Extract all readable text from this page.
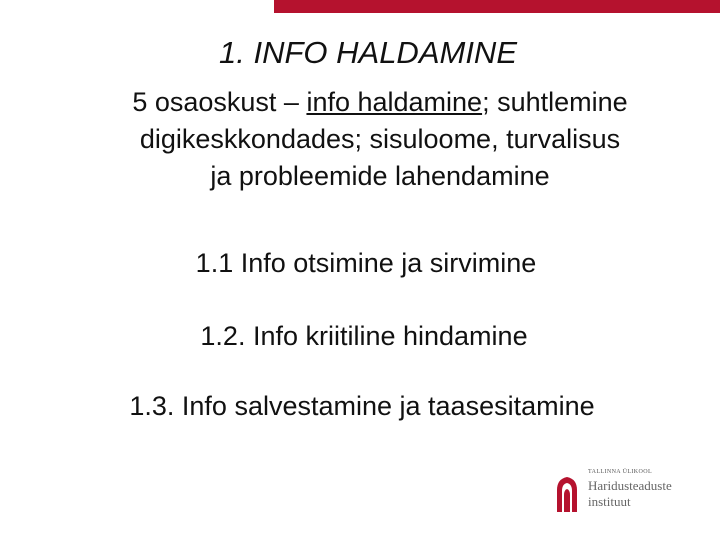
1. INFO HALDAMINE
5 osaoskust – info haldamine; suhtlemine
digikeskkondades; sisuloome, turvalisus
ja probleemide lahendamine
1.1 Info otsimine ja sirvimine
1.2. Info kriitiline hindamine
1.3. Info salvestamine ja taasesitamine
TALLINNA ÜLIKOOL
Haridusteaduste
instituut
